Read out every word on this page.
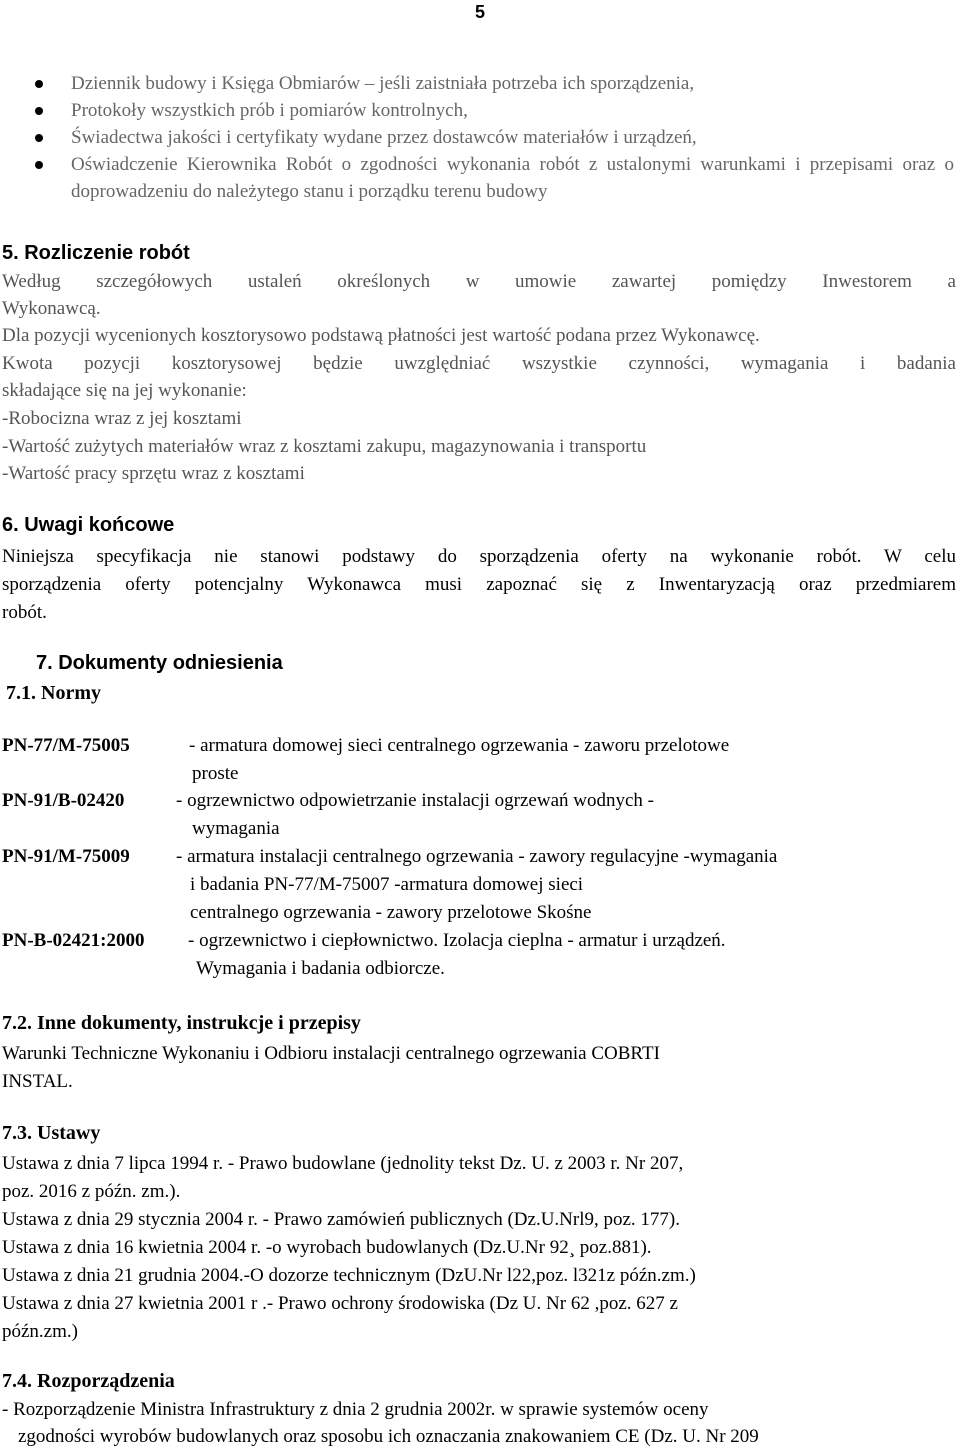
5
Dziennik budowy i Księga Obmiarów – jeśli zaistniała potrzeba ich sporządzenia,
Protokoły wszystkich prób i pomiarów kontrolnych,
Świadectwa jakości i certyfikaty wydane przez dostawców materiałów i urządzeń,
Oświadczenie Kierownika Robót o zgodności wykonania robót z ustalonymi warunkami i przepisami oraz o doprowadzeniu do należytego stanu i porządku terenu budowy
5. Rozliczenie robót
Według szczegółowych ustaleń określonych w umowie zawartej pomiędzy Inwestorem a
Wykonawcą.
Dla pozycji wycenionych kosztorysowo podstawą płatności jest wartość podana przez Wykonawcę.
Kwota pozycji kosztorysowej będzie uwzględniać wszystkie czynności, wymagania i badania
składające się na jej wykonanie:
-Robocizna wraz z jej kosztami
-Wartość zużytych materiałów wraz z kosztami zakupu, magazynowania i transportu
-Wartość pracy sprzętu wraz z kosztami
6. Uwagi końcowe
Niniejsza specyfikacja nie stanowi podstawy do sporządzenia oferty na wykonanie robót. W celu
sporządzenia oferty potencjalny Wykonawca musi zapoznać się z Inwentaryzacją oraz przedmiarem
robót.
7. Dokumenty odniesienia
7.1. Normy
PN-77/M-75005	- armatura domowej sieci centralnego ogrzewania - zaworu przelotowe
proste
PN-91/B-02420	- ogrzewnictwo odpowietrzanie instalacji ogrzewań wodnych -
wymagania
PN-91/M-75009 - armatura instalacji centralnego ogrzewania - zawory regulacyjne -wymagania
i badania PN-77/M-75007 -armatura domowej sieci
centralnego ogrzewania - zawory przelotowe Skośne
PN-B-02421:2000 - ogrzewnictwo i ciepłownictwo. Izolacja cieplna - armatur i urządzeń.
Wymagania i badania odbiorcze.
7.2. Inne dokumenty, instrukcje i przepisy
Warunki Techniczne Wykonaniu i Odbioru instalacji centralnego ogrzewania COBRTI
INSTAL.
7.3. Ustawy
Ustawa z dnia 7 lipca 1994 r. - Prawo budowlane (jednolity tekst Dz. U. z 2003 r. Nr 207,
poz. 2016 z późn. zm.).
Ustawa z dnia 29 stycznia 2004 r. - Prawo zamówień publicznych (Dz.U.Nrl9, poz. 177).
Ustawa z dnia 16 kwietnia 2004 r. -o wyrobach budowlanych (Dz.U.Nr 92¸ poz.881).
Ustawa z dnia 21 grudnia 2004.-O dozorze technicznym (DzU.Nr l22,poz. l321z późn.zm.)
Ustawa z dnia 27 kwietnia 2001 r .- Prawo ochrony środowiska (Dz U. Nr 62 ,poz. 627 z
późn.zm.)
7.4. Rozporządzenia
- Rozporządzenie Ministra Infrastruktury z dnia 2 grudnia 2002r. w sprawie systemów oceny
zgodności wyrobów budowlanych oraz sposobu ich oznaczania znakowaniem CE (Dz. U. Nr 209
